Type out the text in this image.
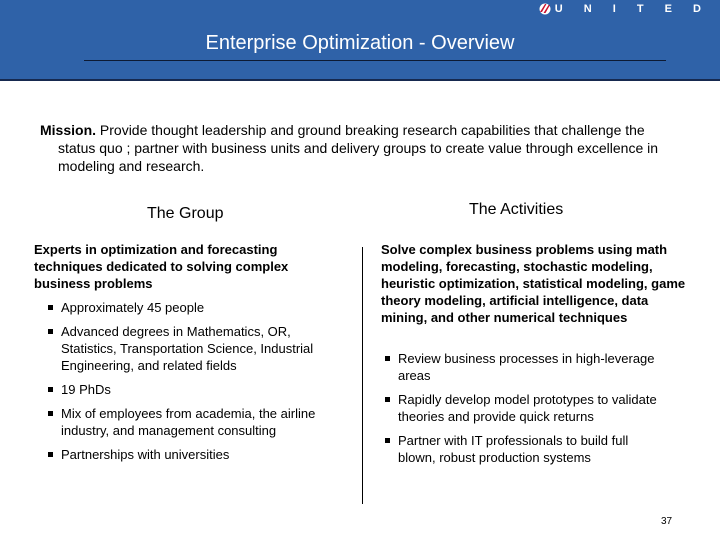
U N I T E D
Enterprise Optimization - Overview
Mission. Provide thought leadership and ground breaking research capabilities that challenge the status quo ; partner with business units and delivery groups to create value through excellence in modeling and research.
The Group	The Activities
Experts in optimization and forecasting techniques dedicated to solving complex business problems
Approximately 45 people
Advanced degrees in Mathematics, OR, Statistics, Transportation Science, Industrial Engineering, and related fields
19 PhDs
Mix of employees from academia, the airline industry, and management consulting
Partnerships with universities
Solve complex business problems using math modeling, forecasting, stochastic modeling, heuristic optimization, statistical modeling, game theory modeling, artificial intelligence, data mining, and other numerical techniques
Review business processes in high-leverage areas
Rapidly develop model prototypes to validate theories and provide quick returns
Partner with IT professionals to build full blown, robust production systems
37
